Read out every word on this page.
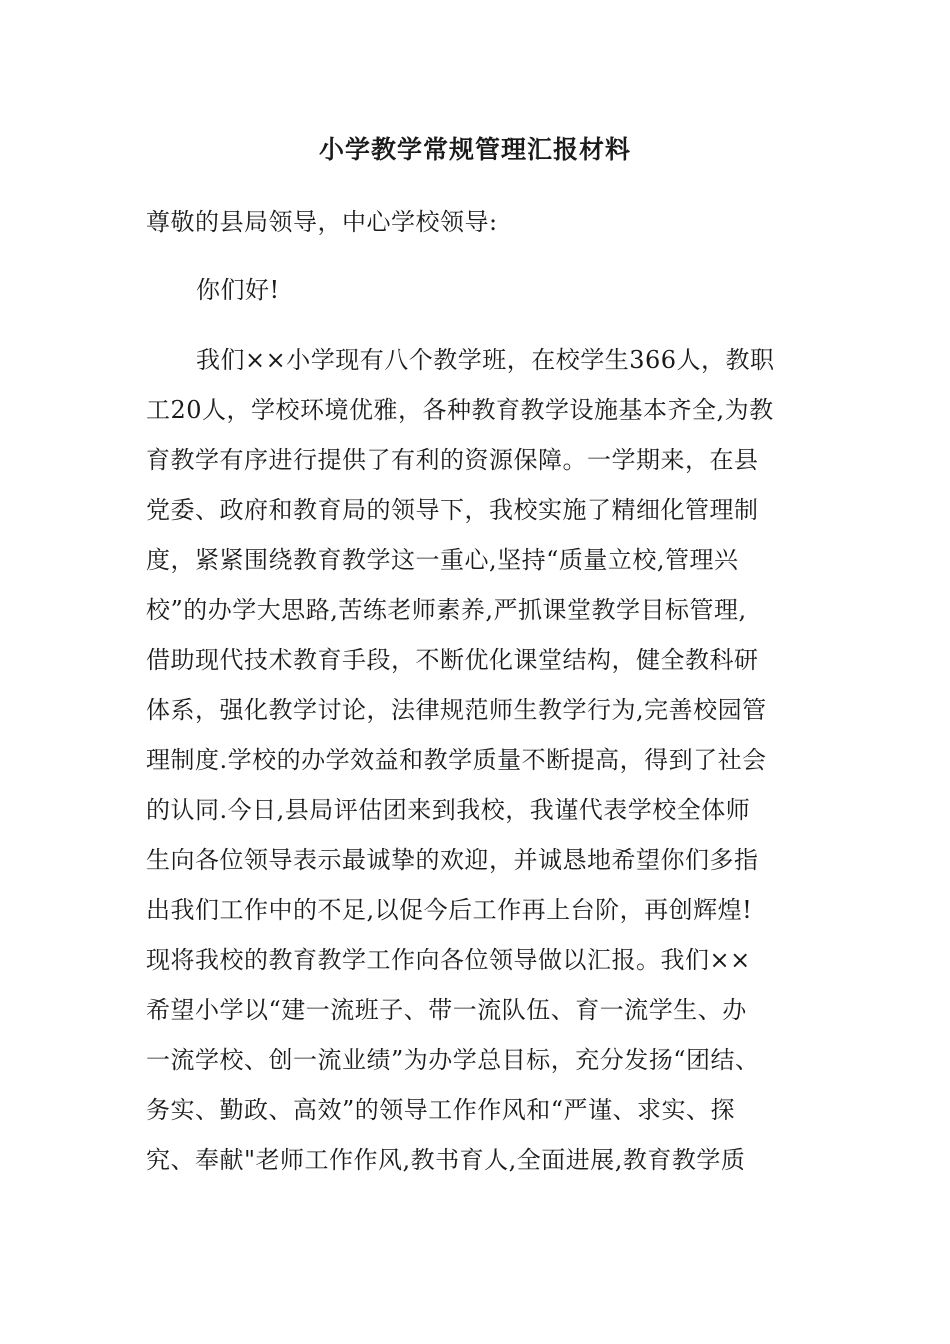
小学教学常规管理汇报材料
尊敬的县局领导，中心学校领导:
你们好!
我们××小学现有八个教学班，在校学生366人，教职
工20人，学校环境优雅，各种教育教学设施基本齐全,为教
育教学有序进行提供了有利的资源保障。一学期来，在县
党委、政府和教育局的领导下，我校实施了精细化管理制
度，紧紧围绕教育教学这一重心,坚持“质量立校,管理兴
校”的办学大思路,苦练老师素养,严抓课堂教学目标管理,
借助现代技术教育手段，不断优化课堂结构，健全教科研
体系，强化教学讨论，法律规范师生教学行为,完善校园管
理制度.学校的办学效益和教学质量不断提高，得到了社会
的认同.今日,县局评估团来到我校，我谨代表学校全体师
生向各位领导表示最诚挚的欢迎，并诚恳地希望你们多指
出我们工作中的不足,以促今后工作再上台阶，再创辉煌!
现将我校的教育教学工作向各位领导做以汇报。我们××
希望小学以“建一流班子、带一流队伍、育一流学生、办
一流学校、创一流业绩”为办学总目标，充分发扬“团结、
务实、勤政、高效”的领导工作作风和“严谨、求实、探
究、奉献"老师工作作风,教书育人,全面进展,教育教学质
